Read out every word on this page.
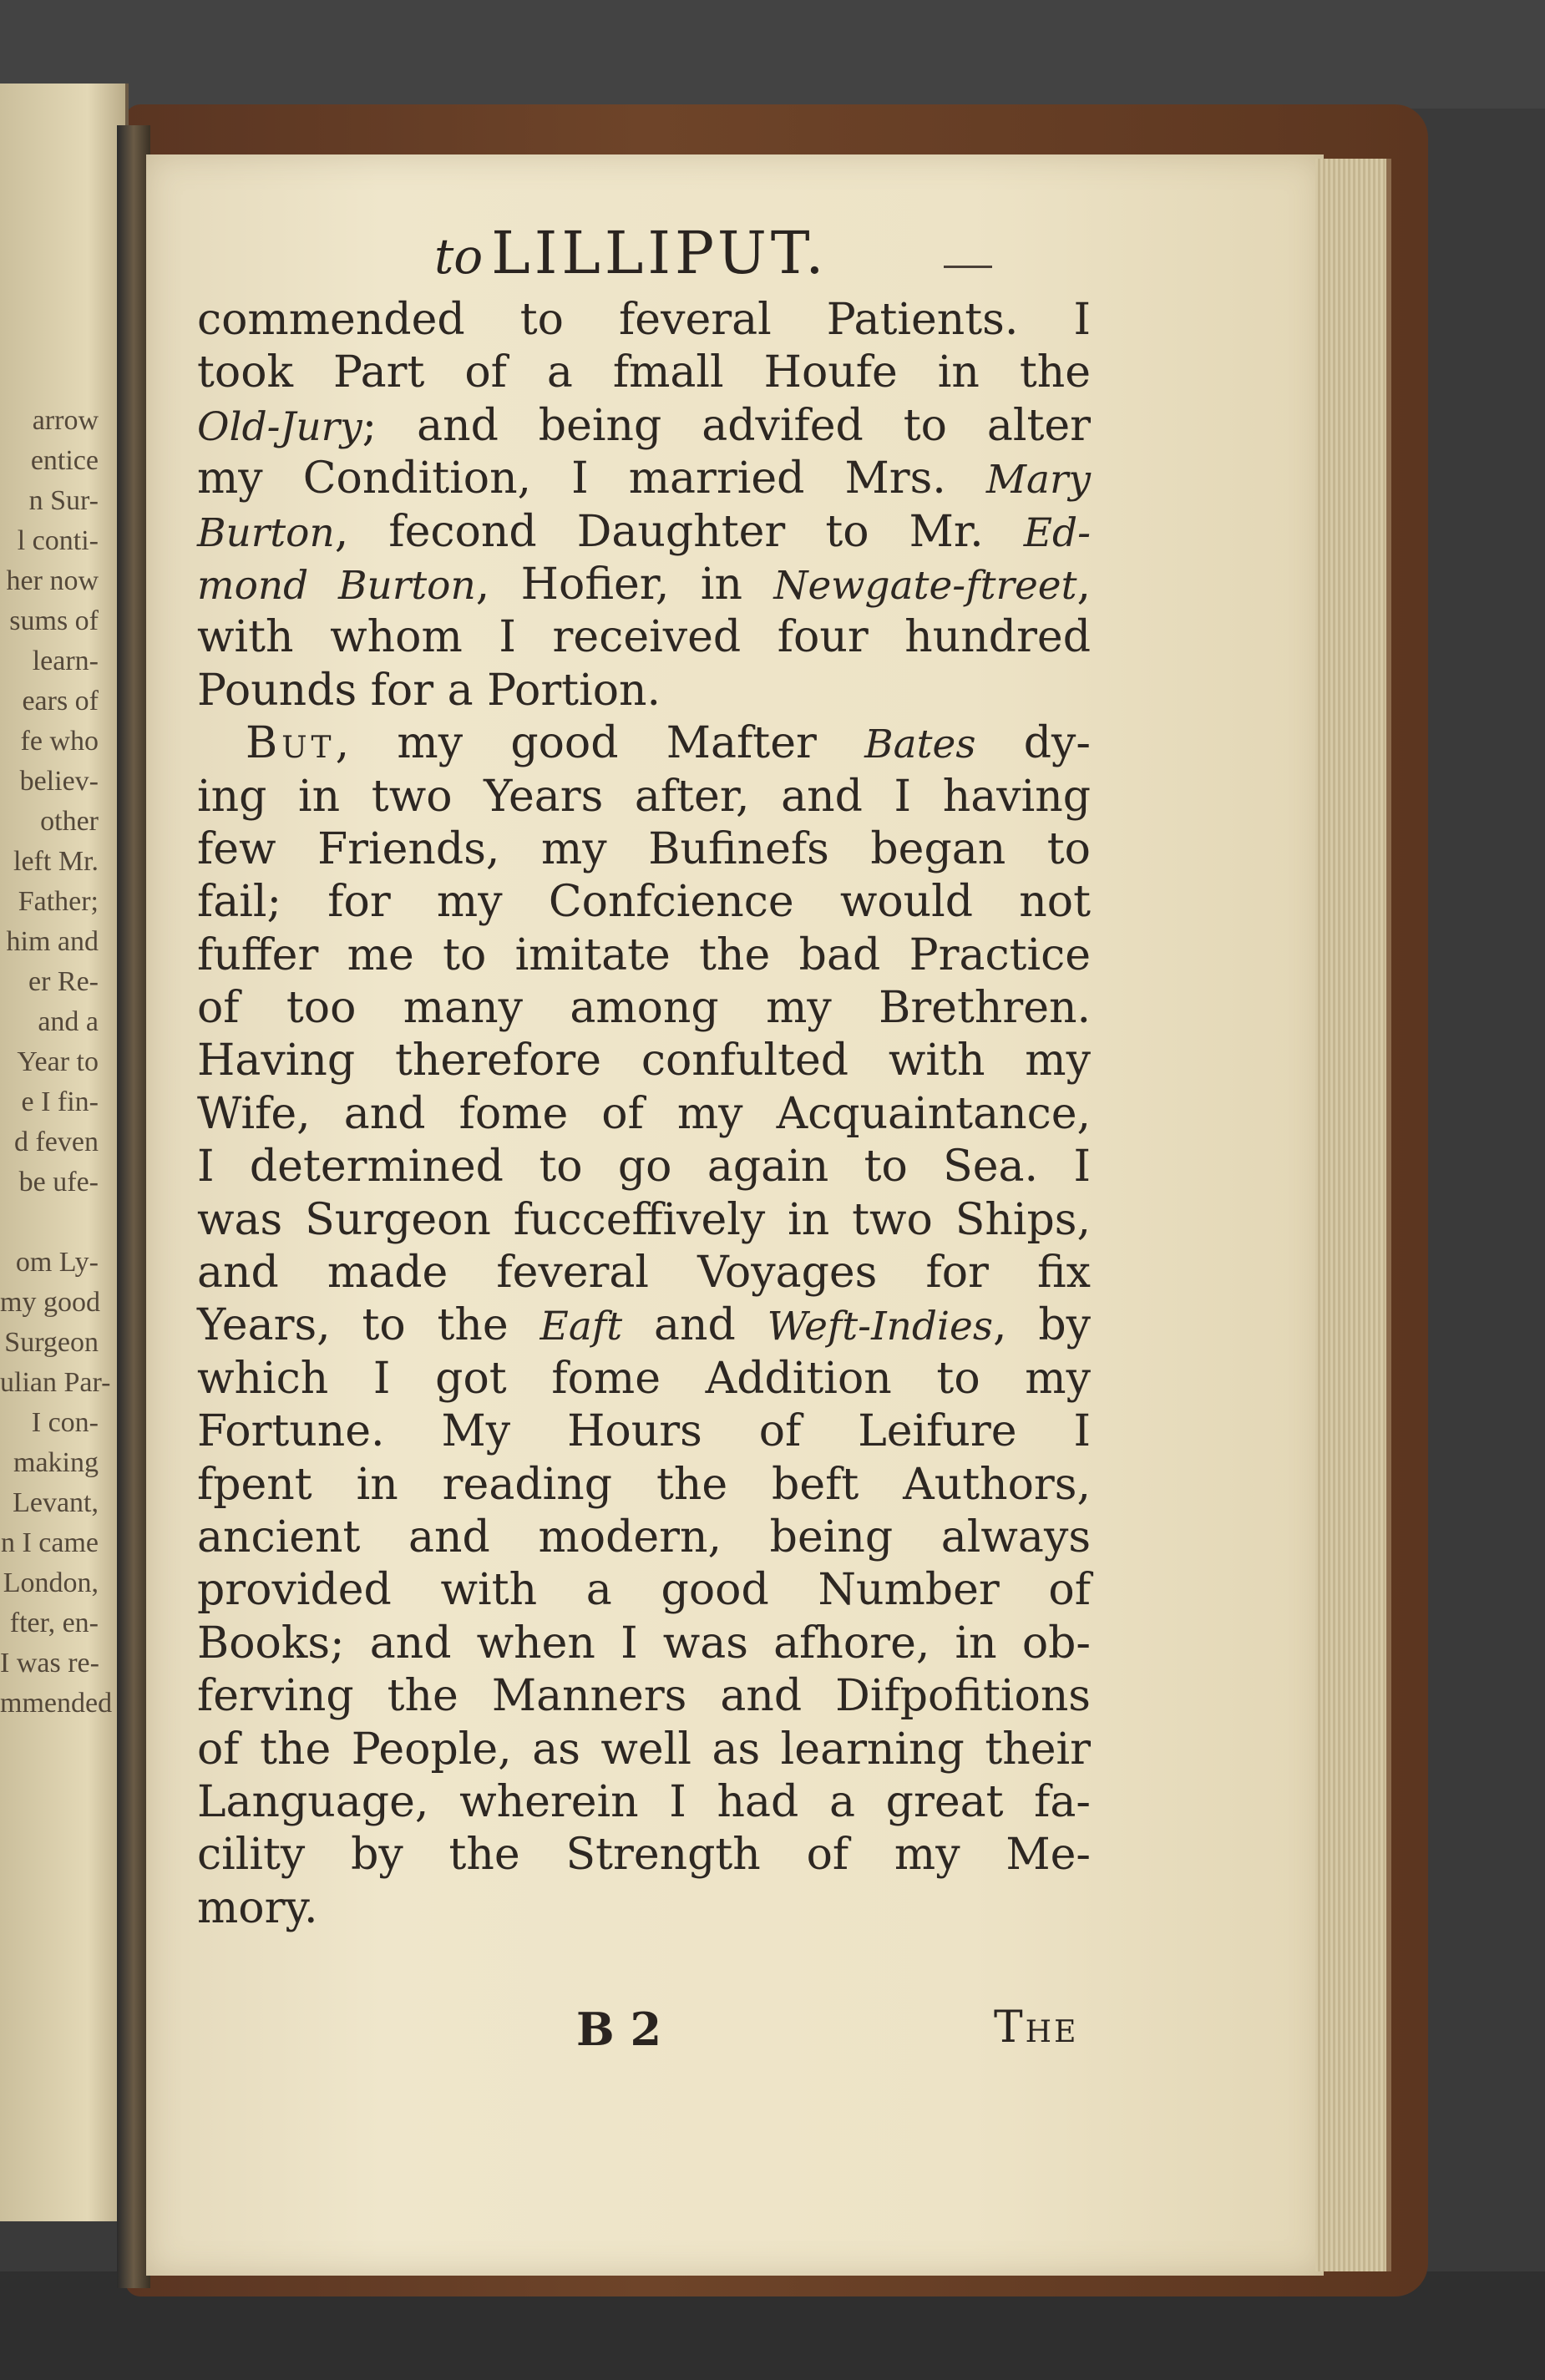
arrow
entice
n Sur-
l conti-
her now
sums of
learn-
ears of
fe who
believ-
other
left Mr.
Father;
him and
er Re-
and a
Year to
e I fin-
d feven
be ufe-

om Ly-
my good
Surgeon
ulian Par-
I con-
making
Levant,
n I came
London,
fter, en-
I was re-
mmended
to LILLIPUT.
commended to feveral Patients. I
took Part of a fmall Houfe in the
Old-Jury; and being advifed to alter
my Condition, I married Mrs. Mary
Burton, fecond Daughter to Mr. Ed-
mond Burton, Hofier, in Newgate-ftreet,
with whom I received four hundred
Pounds for a Portion.
But, my good Mafter Bates dy-
ing in two Years after, and I having
few Friends, my Bufinefs began to
fail; for my Confcience would not
fuffer me to imitate the bad Practice
of too many among my Brethren.
Having therefore confulted with my
Wife, and fome of my Acquaintance,
I determined to go again to Sea. I
was Surgeon fucceffively in two Ships,
and made feveral Voyages for fix
Years, to the Eaft and Weft-Indies, by
which I got fome Addition to my
Fortune. My Hours of Leifure I
fpent in reading the beft Authors,
ancient and modern, being always
provided with a good Number of
Books; and when I was afhore, in ob-
ferving the Manners and Difpofitions
of the People, as well as learning their
Language, wherein I had a great fa-
cility by the Strength of my Me-
mory.
B 2	The
